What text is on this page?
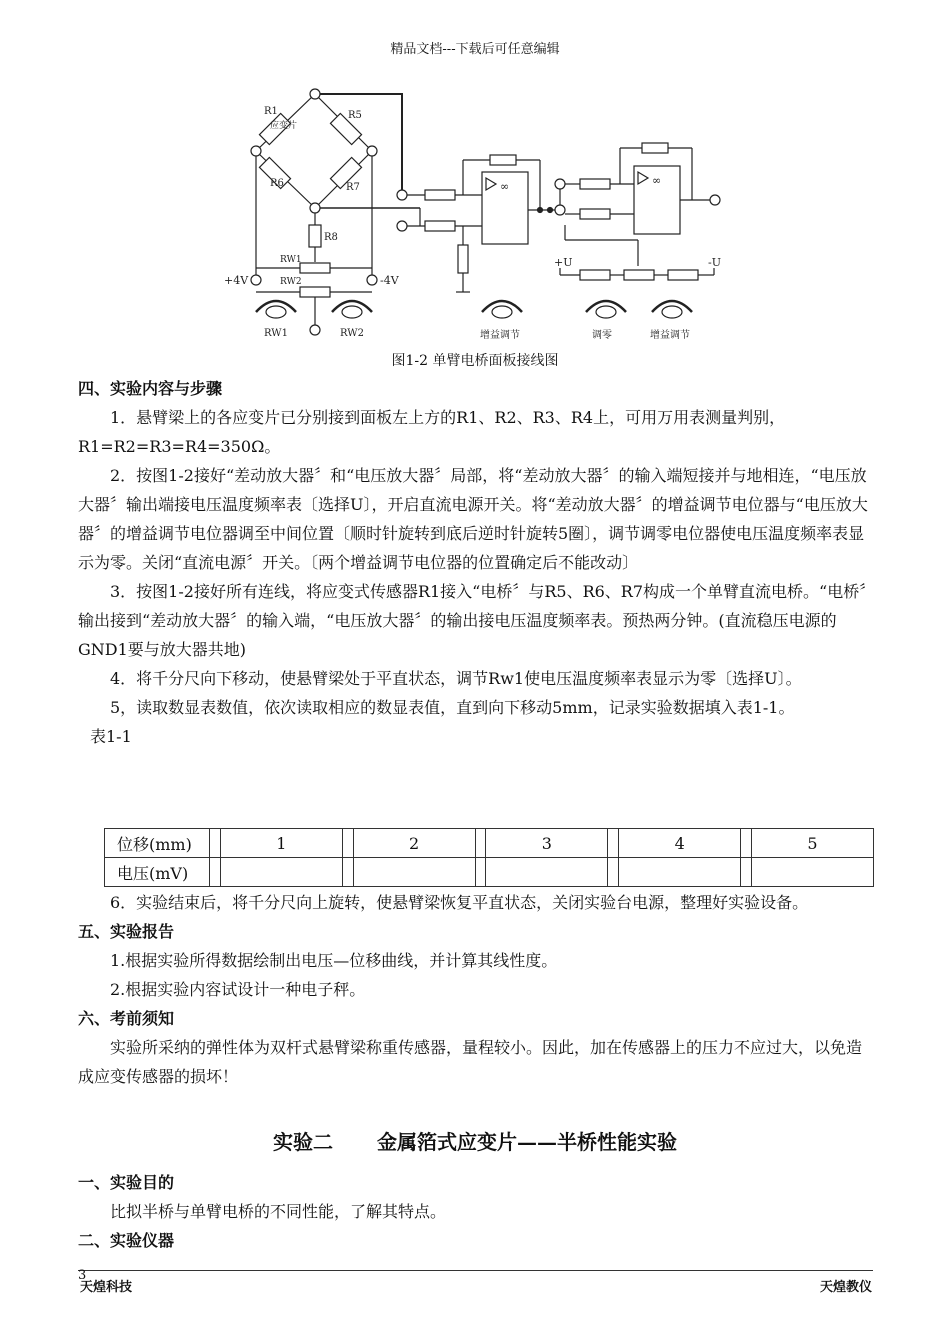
精品文档---下载后可任意编辑
R1
应变片
R5
R6	R7
R8
RW1
RW2
+4V	-4V
+U	-U
∞	∞
RW1	RW2	增益调节	调零	增益调节
图1-2 单臂电桥面板接线图
四、实验内容与步骤
1．悬臂梁上的各应变片已分别接到面板左上方的R1、R2、R3、R4上，可用万用表测量判别，R1=R2=R3=R4=350Ω。
2．按图1-2接好“差动放大器〞和“电压放大器〞局部，将“差动放大器〞的输入端短接并与地相连，“电压放大器〞输出端接电压温度频率表〔选择U〕，开启直流电源开关。将“差动放大器〞的增益调节电位器与“电压放大器〞的增益调节电位器调至中间位置〔顺时针旋转到底后逆时针旋转5圈〕，调节调零电位器使电压温度频率表显示为零。关闭“直流电源〞开关。〔两个增益调节电位器的位置确定后不能改动〕
3．按图1-2接好所有连线，将应变式传感器R1接入“电桥〞与R5、R6、R7构成一个单臂直流电桥。“电桥〞输出接到“差动放大器〞的输入端，“电压放大器〞的输出接电压温度频率表。预热两分钟。(直流稳压电源的GND1要与放大器共地)
4．将千分尺向下移动，使悬臂梁处于平直状态，调节Rw1使电压温度频率表显示为零〔选择U〕。
5，读取数显表数值，依次读取相应的数显表值，直到向下移动5mm，记录实验数据填入表1-1。
表1-1
位移(mm)		1		2		3		4		5
电压(mV)										
6．实验结束后，将千分尺向上旋转，使悬臂梁恢复平直状态，关闭实验台电源，整理好实验设备。
五、实验报告
1.根据实验所得数据绘制出电压—位移曲线，并计算其线性度。
2.根据实验内容试设计一种电子秤。
六、考前须知
实验所采纳的弹性体为双杆式悬臂梁称重传感器，量程较小。因此，加在传感器上的压力不应过大，以免造成应变传感器的损坏！
实验二 金属箔式应变片——半桥性能实验
一、实验目的
比拟半桥与单臂电桥的不同性能，了解其特点。
二、实验仪器
3
天煌科技	天煌教仪
